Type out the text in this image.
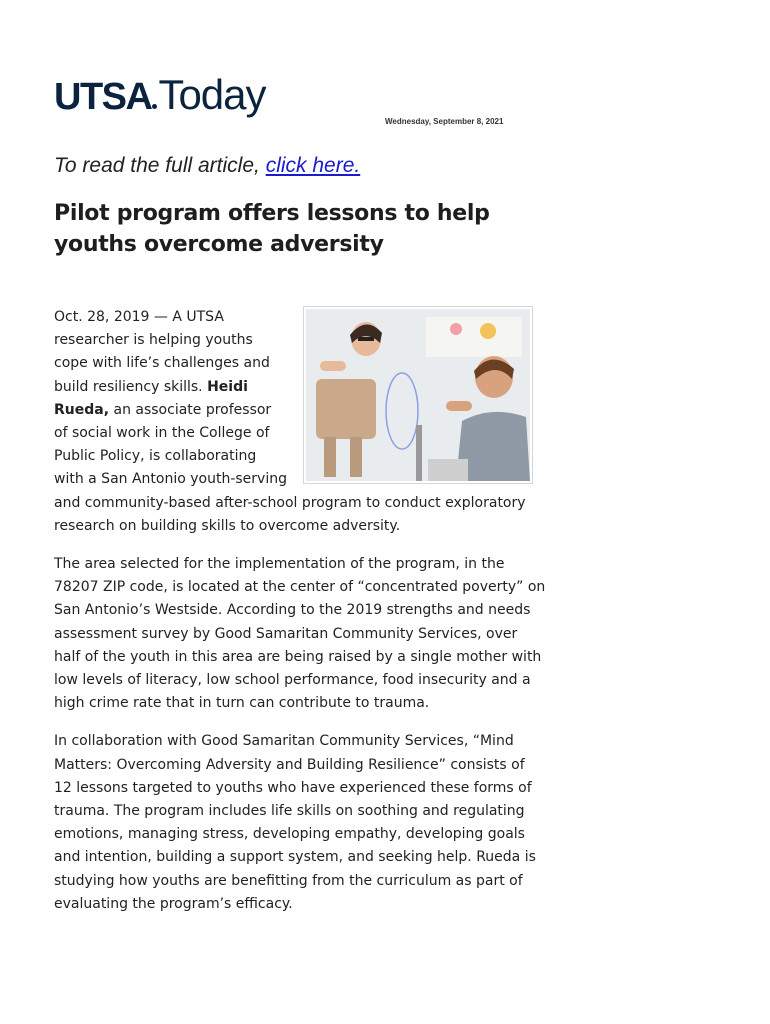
UTSA Today
Wednesday, September 8, 2021
To read the full article, click here.
Pilot program offers lessons to help youths overcome adversity

Oct. 28, 2019 — A UTSA researcher is helping youths cope with life’s challenges and build resiliency skills. Heidi Rueda, an associate professor of social work in the College of Public Policy, is collaborating with a San Antonio youth-serving and community-based after-school program to conduct exploratory research on building skills to overcome adversity.

The area selected for the implementation of the program, in the 78207 ZIP code, is located at the center of “concentrated poverty” on San Antonio’s Westside. According to the 2019 strengths and needs assessment survey by Good Samaritan Community Services, over half of the youth in this area are being raised by a single mother with low levels of literacy, low school performance, food insecurity and a high crime rate that in turn can contribute to trauma.

In collaboration with Good Samaritan Community Services, “Mind Matters: Overcoming Adversity and Building Resilience” consists of 12 lessons targeted to youths who have experienced these forms of trauma. The program includes life skills on soothing and regulating emotions, managing stress, developing empathy, developing goals and intention, building a support system, and seeking help. Rueda is studying how youths are benefitting from the curriculum as part of evaluating the program’s efficacy.
